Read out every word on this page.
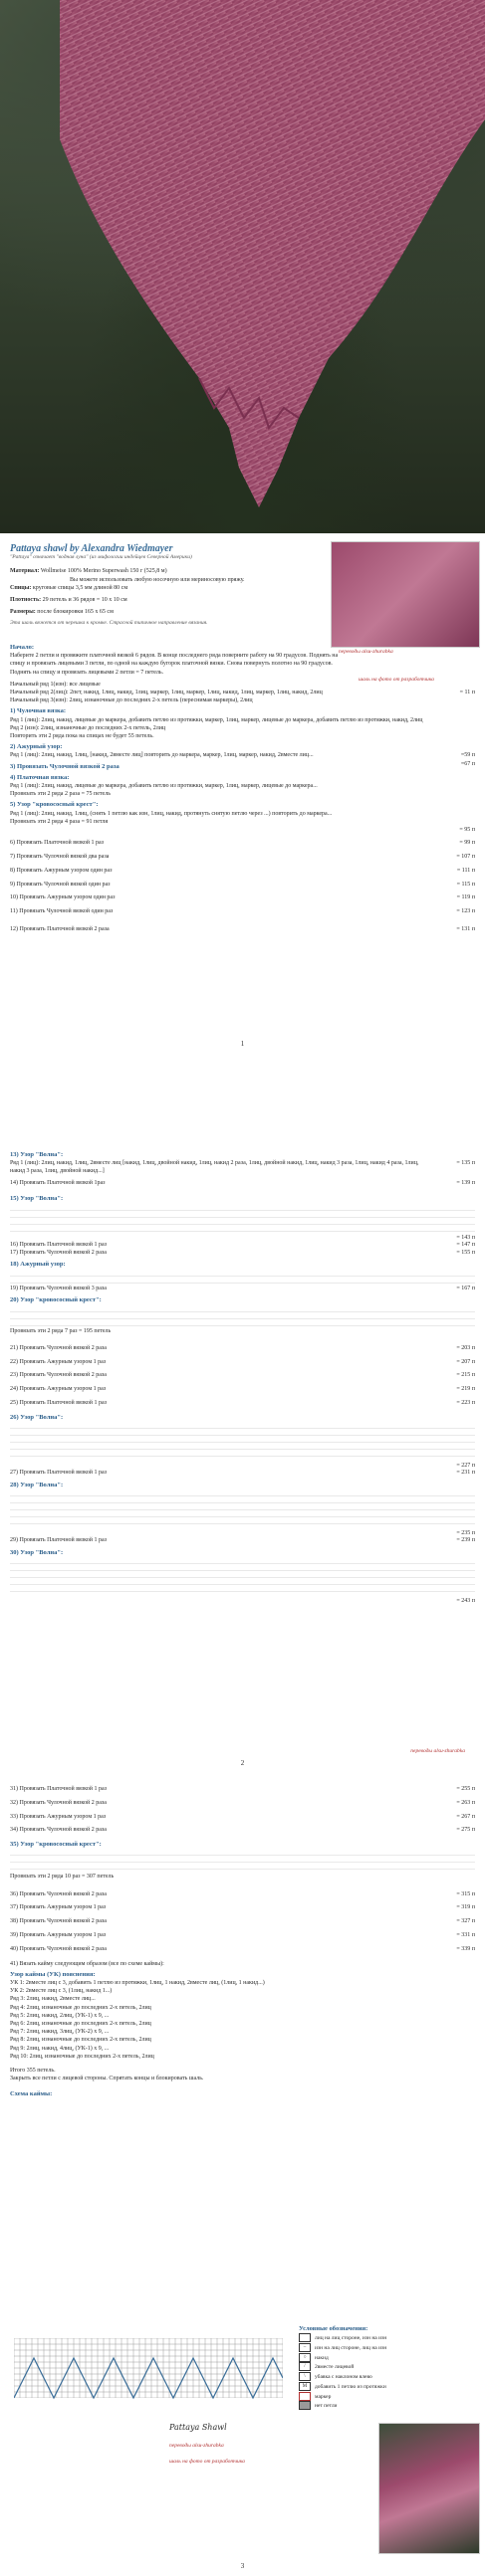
Pattaya shawl by Alexandra Wiedmayer
"Pattaya" означает "водная луна" (из мифологии индейцев Северной Америки)
Материал: Wollmeise 100% Merino Superwash 150 г (525,8 м)
Вы можете использовать любую носочную или мериносовую пряжу.
Спицы: круговые спицы 3,5 мм длиной 80 см
Плотность: 29 петель и 36 рядов = 10 х 10 см
Размеры: после блокировки 165 х 65 см
Эта шаль вяжется от черешка к кромке. Страсной типичное направление вязания.
переводы alsu-zhurabka
шаль на фото от разработчика
Начало:
Наберите 2 петли и провяжите платочной вязкой 6 рядов. В конце последнего ряда поверните работу на 90 градусов. Поднять на спицу и провязать лицевыми 3 петли, по одной на каждую бугорок платочной вязки. Снова повернуть полотно на 90 градусов. Поднять на спицу и провязать лицевыми 2 петли = 7 петель.
Начальный ряд 1(изн): все лицевые
Начальный ряд 2(лиц): 2пет, накид, 1лиц, накид, 1лиц, маркер, 1лиц, маркер, 1лиц, накид, 1лиц, маркер, 1лиц, накид, 2лиц	= 11 п
Начальный ряд 3(изн): 2лиц, изнаночные до последних 2-х петель (переснимая маркеры), 2лиц
1) Чулочная вязка:
Ряд 1 (лиц): 2лиц, накид, лицевые до маркера, добавить петлю из протяжки, маркер, 1лиц, маркер, лицевые до маркера, добавить петлю из протяжки, накид, 2лиц
Ряд 2 (изн): 2лиц, изнаночные до последних 2-х петель, 2лиц
Повторить эти 2 ряда пока на спицах не будет 55 петель.
2) Ажурный узор:
Ряд 1 (лиц): 2лиц, накид, 1лиц, [накид, 2вместе лиц] повторить до маркера, маркер, 1лиц, маркер, накид, 2вместе лиц...	=59 п
3) Провязать Чулочной вязкой 2 раза	=67 п
4) Платочная вязка:
Ряд 1 (лиц): 2лиц, накид, лицевые до маркера, добавить петлю из протяжки, маркер, 1лиц, маркер, лицевые до маркера...
Провязать эти 2 ряда 2 раза = 75 петель
5) Узор "кровососный крест":
Ряд 1 (лиц): 2лиц, накид, 1лиц, (снять 1 петлю как изн, 1лиц, накид, протянуть снятую петлю через ...) повторить до маркера...
Провязать эти 2 ряда 4 раза = 91 петля
= 95 п
6) Провязать Платочной вязкой 1 раз	= 99 п
7) Провязать Чулочной вязкой два раза	= 107 п
8) Провязать Ажурным узором один раз	= 111 п
9) Провязать Чулочной вязкой один раз	= 115 п
10) Провязать Ажурным узором один раз	= 119 п
11) Провязать Чулочной вязкой один раз	= 123 п
12) Провязать Платочной вязкой 2 раза	= 131 п
1
13) Узор "Волна":
Ряд 1 (лиц): 2лиц, накид, 1лиц, 2вместе лиц [накид, 1лиц, двойной накид, 1лиц, накид 2 раза, 1лиц, двойной накид, 1лиц, накид 3 раза, 1лиц, накид 4 раза, 1лиц, накид 3 раза, 1лиц, двойной накид...]
= 135 п
14) Провязать Платочной вязкой 1раз	= 139 п
15) Узор "Волна":
= 143 п
16) Провязать Платочной вязкой 1 раз	= 147 п
17) Провязать Чулочной вязкой 2 раза	= 155 п
18) Ажурный узор:
19) Провязать Чулочной вязкой 3 раза	= 167 п
20) Узор "кровососный крест":
Провязать эти 2 ряда 7 раз = 195 петель
21) Провязать Чулочной вязкой 2 раза	= 203 п
22) Провязать Ажурным узором 1 раз	= 207 п
23) Провязать Чулочной вязкой 2 раза	= 215 п
24) Провязать Ажурным узором 1 раз	= 219 п
25) Провязать Платочной вязкой 1 раз	= 223 п
26) Узор "Волна":
= 227 п
27) Провязать Платочной вязкой 1 раз	= 231 п
28) Узор "Волна":
= 235 п
29) Провязать Платочной вязкой 1 раз	= 239 п
30) Узор "Волна":
= 243 п
переводы alsu-zhurabka
2
31) Провязать Платочной вязкой 1 раз	= 255 п
32) Провязать Чулочной вязкой 2 раза	= 263 п
33) Провязать Ажурным узором 1 раз	= 267 п
34) Провязать Чулочной вязкой 2 раза	= 275 п
35) Узор "кровососный крест":
Провязать эти 2 ряда 10 раз = 307 петель
36) Провязать Чулочной вязкой 2 раза	= 315 п
37) Провязать Ажурным узором 1 раз	= 319 п
38) Провязать Чулочной вязкой 2 раза	= 327 п
39) Провязать Ажурным узором 1 раз	= 331 п
40) Провязать Чулочной вязкой 2 раза	= 339 п
41) Вязать кайму следующим образом (все по схеме каймы):
Узор каймы (УК) пояснения:
УК 1: 2вместе лиц с 3, добавить 1 петлю из протяжки, 1лиц, 1 накид, 2вместе лиц, (1лиц, 1 накид...)
УК 2: 2вместе лиц с 3, (1лиц, накид 1...)
Ряд 3: 2лиц, накид, 2вместе лиц...
Ряд 4: 2лиц, изнаночные до последних 2-х петель, 2лиц
Ряд 5: 2лиц, накид, 2лиц, (УК-1) х 9, ...
Ряд 6: 2лиц, изнаночные до последних 2-х петель, 2лиц
Ряд 7: 2лиц, накид, 3лиц, (УК-2) х 9, ...
Ряд 8: 2лиц, изнаночные до последних 2-х петель, 2лиц
Ряд 9: 2лиц, накид, 4лиц, (УК-1) х 9, ...
Ряд 10: 2лиц, изнаночные до последних 2-х петель, 2лиц
Итого 355 петель.
Закрыть все петли с лицевой стороны. Спрятать концы и блокировать шаль.
Схема каймы:
Условные обозначения:
лиц на лиц стороне, изн на изн
– изн на лиц стороне, лиц на изн
○ накид
/ 2вместе лицевой
\ убавка с наклоном влево
M добавить 1 петлю из протяжки
маркер
нет петли
Pattaya Shawl
переводы alsu-zhurabka
шаль на фото от разработчика
3
